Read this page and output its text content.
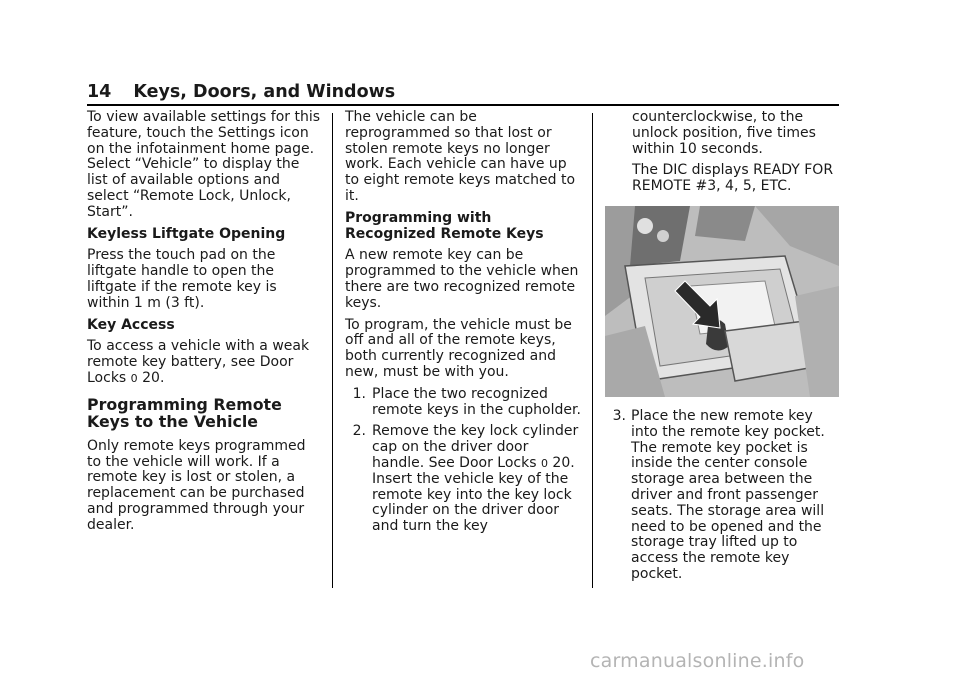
14 Keys, Doors, and Windows

To view available settings for this feature, touch the Settings icon on the infotainment home page. Select “Vehicle” to display the list of available options and select “Remote Lock, Unlock, Start”.

Keyless Liftgate Opening

Press the touch pad on the liftgate handle to open the liftgate if the remote key is within 1 m (3 ft).

Key Access

To access a vehicle with a weak remote key battery, see Door Locks 0 20.

Programming Remote Keys to the Vehicle

Only remote keys programmed to the vehicle will work. If a remote key is lost or stolen, a replacement can be purchased and programmed through your dealer.

The vehicle can be reprogrammed so that lost or stolen remote keys no longer work. Each vehicle can have up to eight remote keys matched to it.

Programming with Recognized Remote Keys

A new remote key can be programmed to the vehicle when there are two recognized remote keys.

To program, the vehicle must be off and all of the remote keys, both currently recognized and new, must be with you.

1. Place the two recognized remote keys in the cupholder.
2. Remove the key lock cylinder cap on the driver door handle. See Door Locks 0 20. Insert the vehicle key of the remote key into the key lock cylinder on the driver door and turn the key

counterclockwise, to the unlock position, five times within 10 seconds.

The DIC displays READY FOR REMOTE #3, 4, 5, ETC.

3. Place the new remote key into the remote key pocket. The remote key pocket is inside the center console storage area between the driver and front passenger seats. The storage area will need to be opened and the storage tray lifted up to access the remote key pocket.
carmanualsonline.info
